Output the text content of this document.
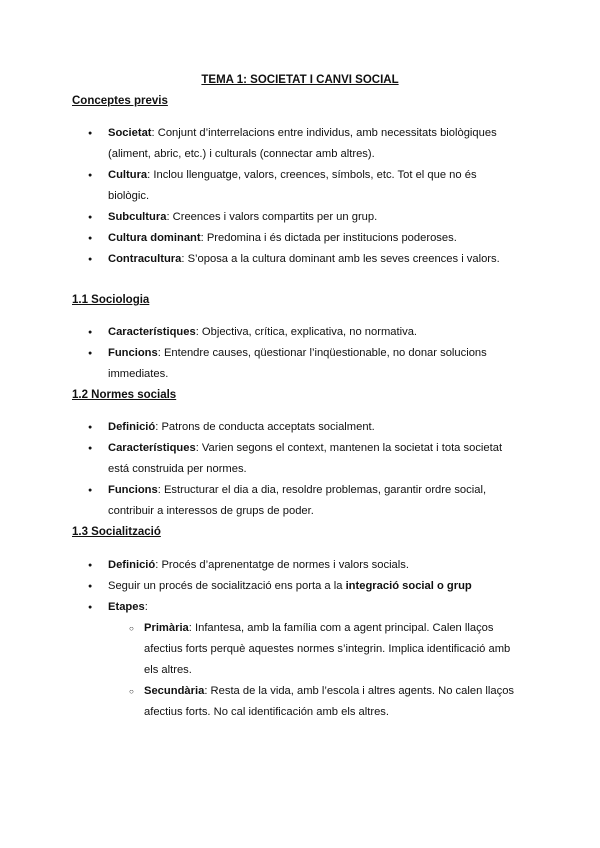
TEMA 1: SOCIETAT I CANVI SOCIAL
Conceptes previs
● Societat: Conjunt d’interrelacions entre individus, amb necessitats biològiques (aliment, abric, etc.) i culturals (connectar amb altres).
● Cultura: Inclou llenguatge, valors, creences, símbols, etc. Tot el que no és biològic.
● Subcultura: Creences i valors compartits per un grup.
● Cultura dominant: Predomina i és dictada per institucions poderoses.
● Contracultura: S’oposa a la cultura dominant amb les seves creences i valors.
1.1 Sociologia
● Característiques: Objectiva, crítica, explicativa, no normativa.
● Funcions: Entendre causes, qüestionar l’inqüestionable, no donar solucions immediates.
1.2 Normes socials
● Definició: Patrons de conducta acceptats socialment.
● Característiques: Varien segons el context, mantenen la societat i tota societat está construida per normes.
● Funcions: Estructurar el dia a dia, resoldre problemas, garantir ordre social, contribuir a interessos de grups de poder.
1.3 Socialització
● Definició: Procés d’aprenentatge de normes i valors socials.
● Seguir un procés de socialització ens porta a la integració social o grup
● Etapes:
○ Primària: Infantesa, amb la família com a agent principal. Calen llaços afectius forts perquè aquestes normes s’integrin. Implica identificació amb els altres.
○ Secundària: Resta de la vida, amb l’escola i altres agents. No calen llaços afectius forts. No cal identificación amb els altres.
